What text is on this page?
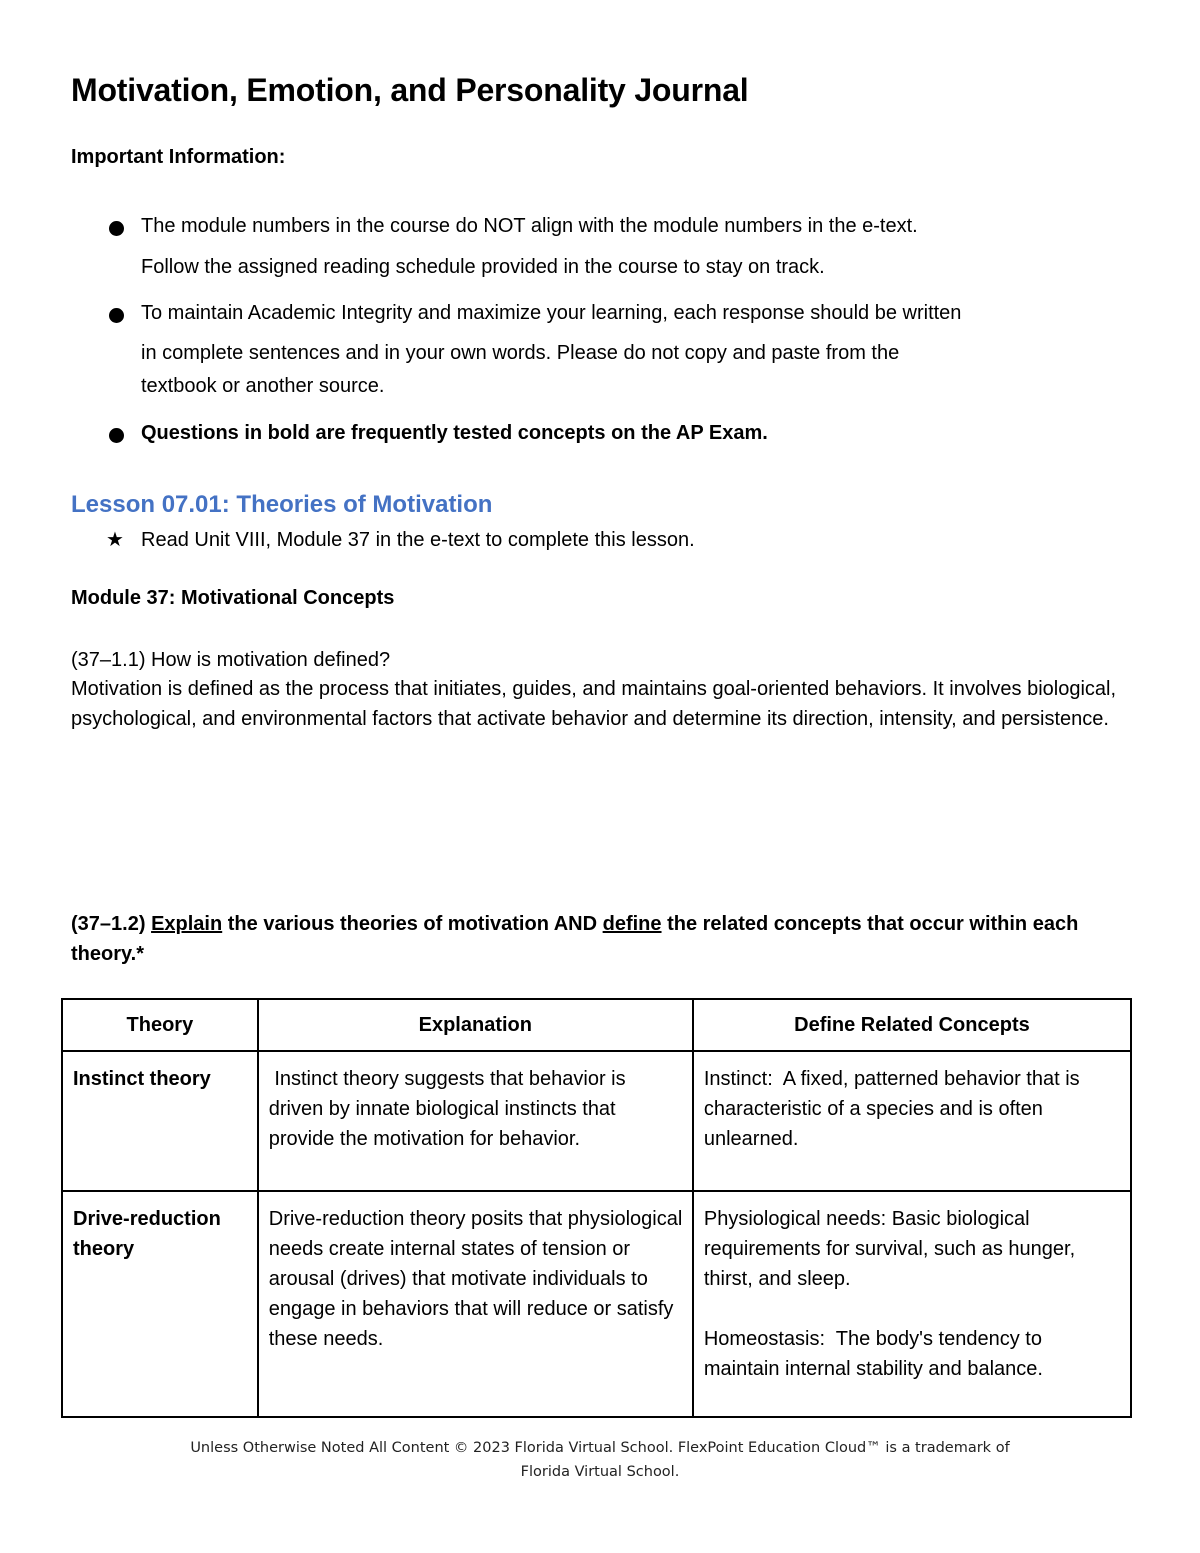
Motivation, Emotion, and Personality Journal
Important Information:
The module numbers in the course do NOT align with the module numbers in the e-text.
Follow the assigned reading schedule provided in the course to stay on track.
To maintain Academic Integrity and maximize your learning, each response should be written
in complete sentences and in your own words. Please do not copy and paste from the
textbook or another source.
Questions in bold are frequently tested concepts on the AP Exam.
Lesson 07.01: Theories of Motivation
★ Read Unit VIII, Module 37 in the e-text to complete this lesson.
Module 37: Motivational Concepts
(37–1.1) How is motivation defined?
Motivation is defined as the process that initiates, guides, and maintains goal-oriented behaviors. It involves biological, psychological, and environmental factors that activate behavior and determine its direction, intensity, and persistence.
(37–1.2) Explain the various theories of motivation AND define the related concepts that occur within each theory.*
Theory	Explanation	Define Related Concepts
Instinct theory	Instinct theory suggests that behavior is driven by innate biological instincts that provide the motivation for behavior.	Instinct:  A fixed, patterned behavior that is characteristic of a species and is often unlearned.

Drive-reduction theory	Drive-reduction theory posits that physiological needs create internal states of tension or arousal (drives) that motivate individuals to engage in behaviors that will reduce or satisfy these needs.	Physiological needs: Basic biological requirements for survival, such as hunger, thirst, and sleep.
Homeostasis:  The body's tendency to maintain internal stability and balance.
Unless Otherwise Noted All Content © 2023 Florida Virtual School. FlexPoint Education Cloud™ is a trademark of
Florida Virtual School.
